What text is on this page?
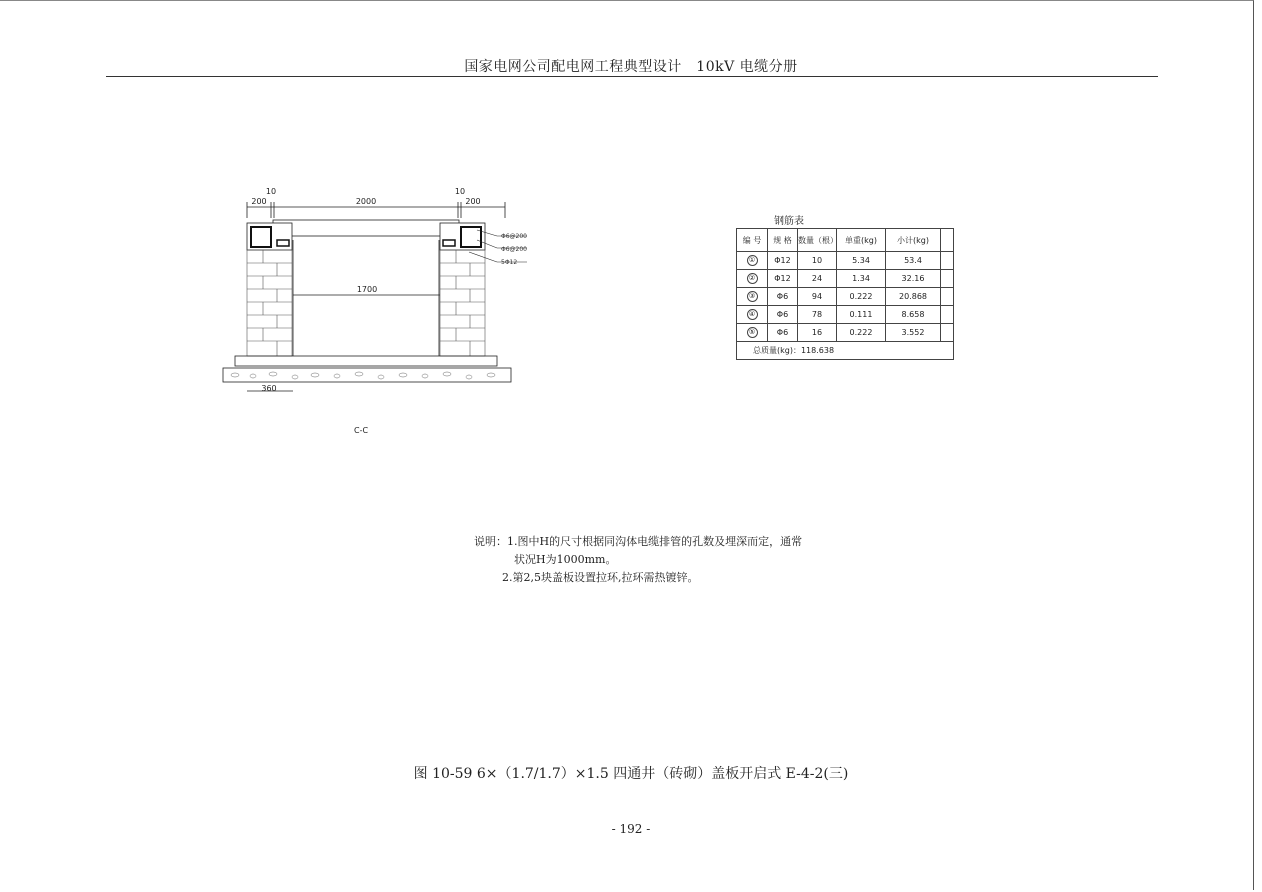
国家电网公司配电网工程典型设计　10kV 电缆分册
10
200	2000
10
200
1700
360
Φ6@200
Φ6@200
5Φ12
C-C
钢筋表
编 号	规 格	数量（根）	单重(kg)	小计(kg)	
①	Φ12	10	5.34	53.4	
②	Φ12	24	1.34	32.16	
③	Φ6	94	0.222	20.868	
④	Φ6	78	0.111	8.658	
⑤	Φ6	16	0.222	3.552	
总质量(kg)：118.638					
说明：1.图中H的尺寸根据同沟体电缆排管的孔数及埋深而定，通常
状况H为1000mm。
2.第2,5块盖板设置拉环,拉环需热镀锌。
图 10-59 6×（1.7/1.7）×1.5 四通井（砖砌）盖板开启式 E-4-2(三)
- 192 -
